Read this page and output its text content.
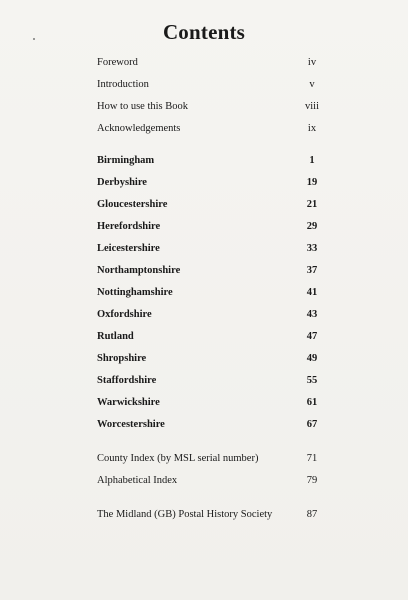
Contents
Foreword	iv
Introduction	v
How to use this Book	viii
Acknowledgements	ix
Birmingham	1
Derbyshire	19
Gloucestershire	21
Herefordshire	29
Leicestershire	33
Northamptonshire	37
Nottinghamshire	41
Oxfordshire	43
Rutland	47
Shropshire	49
Staffordshire	55
Warwickshire	61
Worcestershire	67
County Index (by MSL serial number)	71
Alphabetical Index	79
The Midland (GB) Postal History Society	87
